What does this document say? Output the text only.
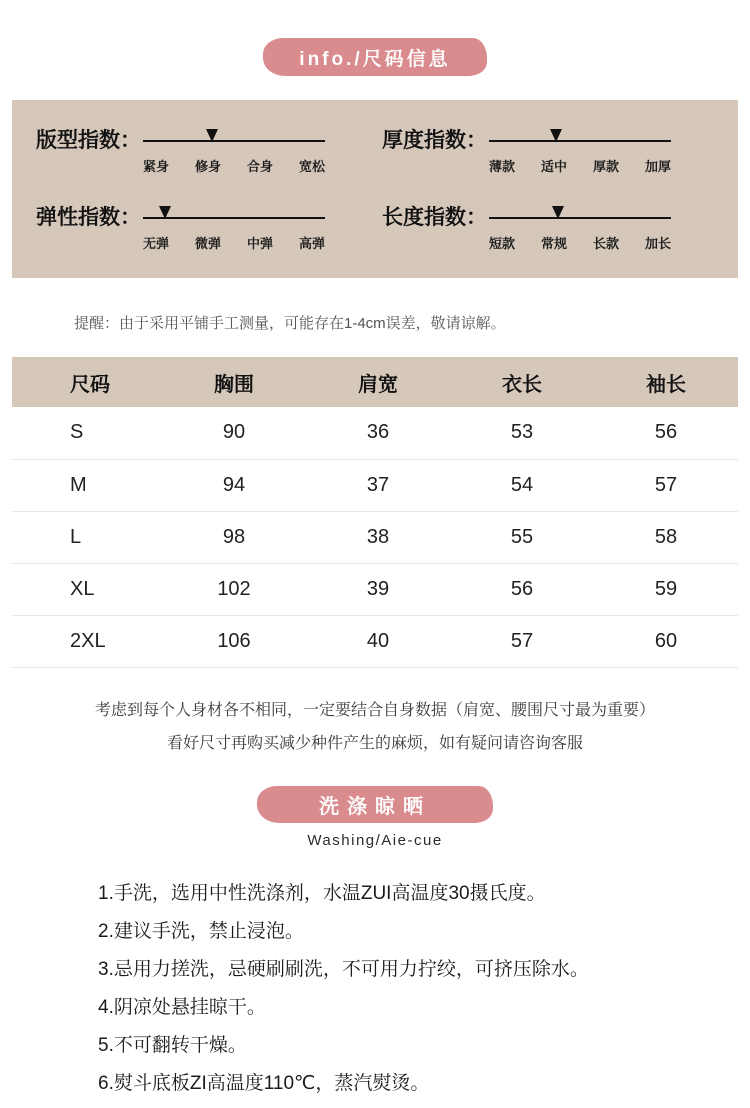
info./尺码信息
版型指数：
紧身 修身 合身 宽松
厚度指数：
薄款 适中 厚款 加厚
弹性指数：
无弹 微弹 中弹 高弹
长度指数：
短款 常规 长款 加长

提醒：由于采用平铺手工测量，可能存在1-4cm误差，敬请谅解。

尺码	胸围	肩宽	衣长	袖长
S	90	36	53	56
M	94	37	54	57
L	98	38	55	58
XL	102	39	56	59
2XL	106	40	57	60

考虑到每个人身材各不相同，一定要结合自身数据（肩宽、腰围尺寸最为重要）

看好尺寸再购买减少种件产生的麻烦，如有疑问请咨询客服

洗涤晾晒

Washing/Aie-cue

1.手洗，选用中性洗涤剂，水温ZUI高温度30摄氏度。

2.建议手洗，禁止浸泡。

3.忌用力搓洗，忌硬刷刷洗，不可用力拧绞，可挤压除水。

4.阴凉处悬挂晾干。

5.不可翻转干燥。

6.熨斗底板ZI高温度110℃，蒸汽熨烫。
